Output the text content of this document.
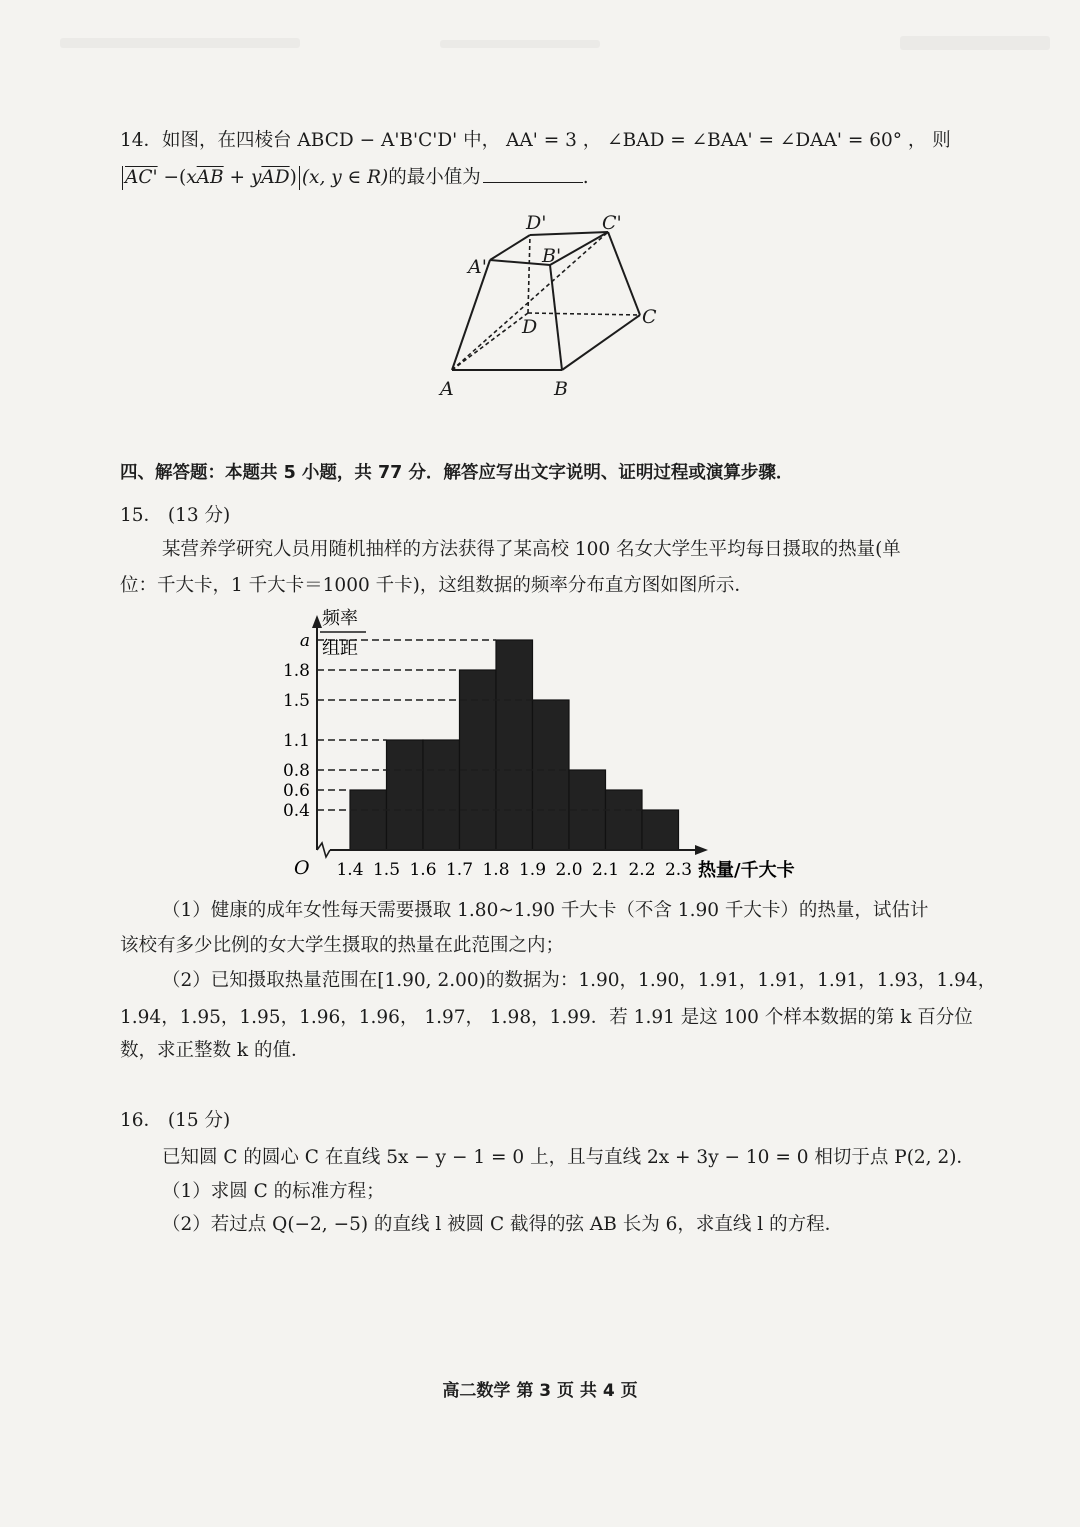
14．如图，在四棱台 ABCD − A'B'C'D' 中， AA' = 3 ， ∠BAD = ∠BAA' = ∠DAA' = 60° ， 则
$AC' -(x\overline{AB} + y\overline{AD})$ (x, y ∈ R)的最小值为	.
A	B
C
D
A'	B'
C'
D'
四、解答题：本题共 5 小题，共 77 分．解答应写出文字说明、证明过程或演算步骤．
15． (13 分)
某营养学研究人员用随机抽样的方法获得了某高校 100 名女大学生平均每日摄取的热量(单
位：千大卡，1 千大卡＝1000 千卡)，这组数据的频率分布直方图如图所示．
0.4
0.6
0.8
1.1
1.5
1.8
a
1.4 1.5 1.6 1.7 1.8 1.9 2.0 2.1 2.2 2.3
O
频率
组距
热量/千大卡
（1）健康的成年女性每天需要摄取 1.80~1.90 千大卡（不含 1.90 千大卡）的热量，试估计
该校有多少比例的女大学生摄取的热量在此范围之内；
（2）已知摄取热量范围在[1.90, 2.00)的数据为：1.90，1.90，1.91，1.91，1.91，1.93，1.94，
1.94，1.95，1.95，1.96，1.96， 1.97， 1.98，1.99．若 1.91 是这 100 个样本数据的第 k 百分位
数，求正整数 k 的值．
16． (15 分)
已知圆 C 的圆心 C 在直线 5x − y − 1 = 0 上，且与直线 2x + 3y − 10 = 0 相切于点 P(2, 2)．
（1）求圆 C 的标准方程；
（2）若过点 Q(−2, −5) 的直线 l 被圆 C 截得的弦 AB 长为 6，求直线 l 的方程．
高二数学 第 3 页 共 4 页
